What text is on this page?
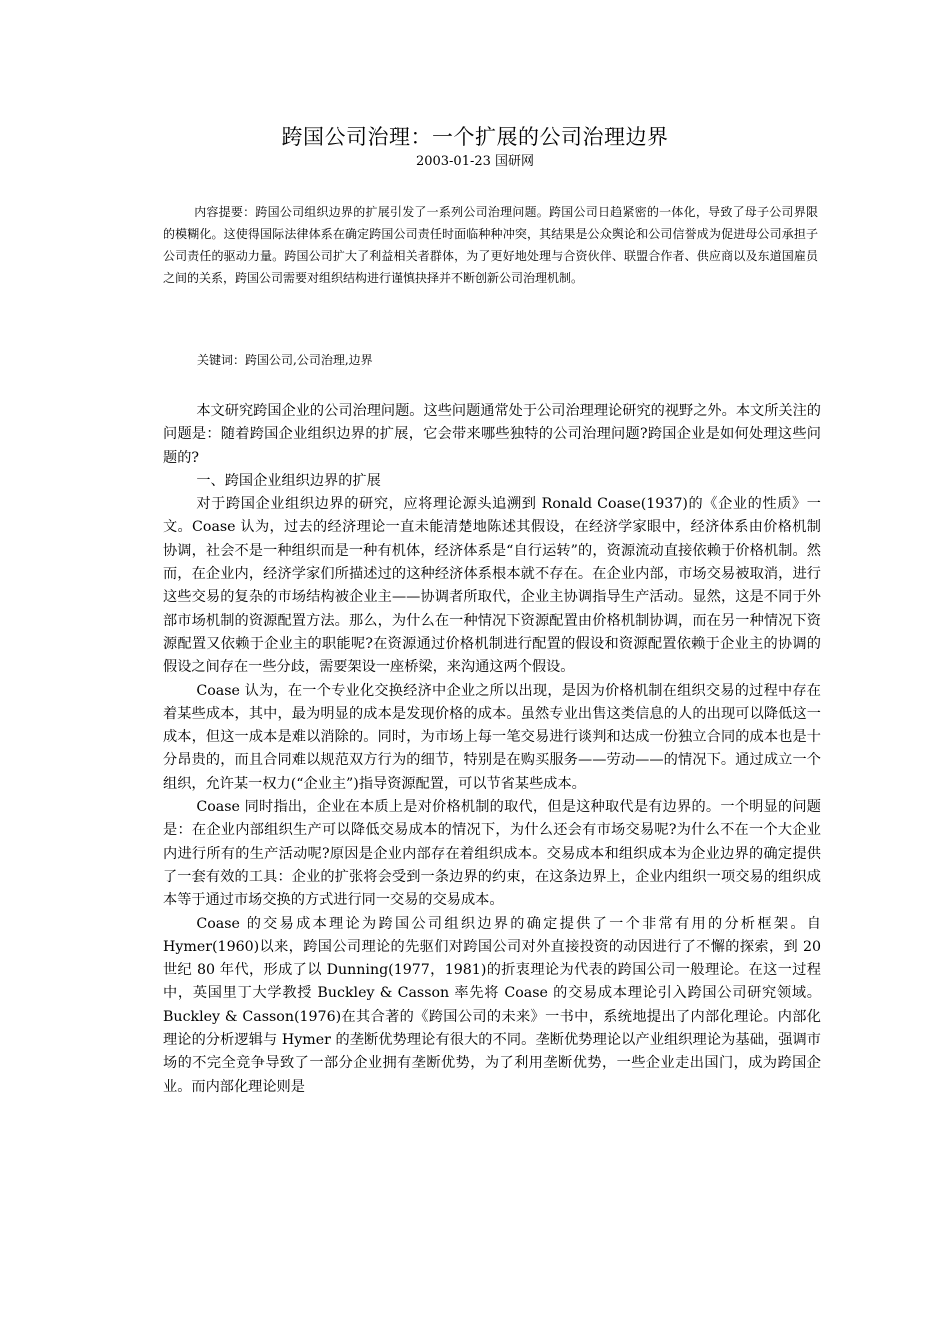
跨国公司治理：一个扩展的公司治理边界
2003-01-23 国研网
内容提要：跨国公司组织边界的扩展引发了一系列公司治理问题。跨国公司日趋紧密的一体化，导致了母子公司界限的模糊化。这使得国际法律体系在确定跨国公司责任时面临种种冲突，其结果是公众舆论和公司信誉成为促进母公司承担子公司责任的驱动力量。跨国公司扩大了利益相关者群体，为了更好地处理与合资伙伴、联盟合作者、供应商以及东道国雇员之间的关系，跨国公司需要对组织结构进行谨慎抉择并不断创新公司治理机制。
关键词：跨国公司,公司治理,边界

本文研究跨国企业的公司治理问题。这些问题通常处于公司治理理论研究的视野之外。本文所关注的问题是：随着跨国企业组织边界的扩展，它会带来哪些独特的公司治理问题?跨国企业是如何处理这些问题的?

一、跨国企业组织边界的扩展

对于跨国企业组织边界的研究，应将理论源头追溯到 Ronald Coase(1937)的《企业的性质》一文。Coase 认为，过去的经济理论一直未能清楚地陈述其假设，在经济学家眼中，经济体系由价格机制协调，社会不是一种组织而是一种有机体，经济体系是“自行运转”的，资源流动直接依赖于价格机制。然而，在企业内，经济学家们所描述过的这种经济体系根本就不存在。在企业内部，市场交易被取消，进行这些交易的复杂的市场结构被企业主——协调者所取代，企业主协调指导生产活动。显然，这是不同于外部市场机制的资源配置方法。那么，为什么在一种情况下资源配置由价格机制协调，而在另一种情况下资源配置又依赖于企业主的职能呢?在资源通过价格机制进行配置的假设和资源配置依赖于企业主的协调的假设之间存在一些分歧，需要架设一座桥梁，来沟通这两个假设。

Coase 认为，在一个专业化交换经济中企业之所以出现，是因为价格机制在组织交易的过程中存在着某些成本，其中，最为明显的成本是发现价格的成本。虽然专业出售这类信息的人的出现可以降低这一成本，但这一成本是难以消除的。同时，为市场上每一笔交易进行谈判和达成一份独立合同的成本也是十分昂贵的，而且合同难以规范双方行为的细节，特别是在购买服务——劳动——的情况下。通过成立一个组织，允许某一权力(“企业主”)指导资源配置，可以节省某些成本。

Coase 同时指出，企业在本质上是对价格机制的取代，但是这种取代是有边界的。一个明显的问题是：在企业内部组织生产可以降低交易成本的情况下，为什么还会有市场交易呢?为什么不在一个大企业内进行所有的生产活动呢?原因是企业内部存在着组织成本。交易成本和组织成本为企业边界的确定提供了一套有效的工具：企业的扩张将会受到一条边界的约束，在这条边界上，企业内组织一项交易的组织成本等于通过市场交换的方式进行同一交易的交易成本。

Coase 的交易成本理论为跨国公司组织边界的确定提供了一个非常有用的分析框架。自 Hymer(1960)以来，跨国公司理论的先驱们对跨国公司对外直接投资的动因进行了不懈的探索，到 20 世纪 80 年代，形成了以 Dunning(1977，1981)的折衷理论为代表的跨国公司一般理论。在这一过程中，英国里丁大学教授 Buckley & Casson 率先将 Coase 的交易成本理论引入跨国公司研究领域。Buckley & Casson(1976)在其合著的《跨国公司的未来》一书中，系统地提出了内部化理论。内部化理论的分析逻辑与 Hymer 的垄断优势理论有很大的不同。垄断优势理论以产业组织理论为基础，强调市场的不完全竞争导致了一部分企业拥有垄断优势，为了利用垄断优势，一些企业走出国门，成为跨国企业。而内部化理论则是
